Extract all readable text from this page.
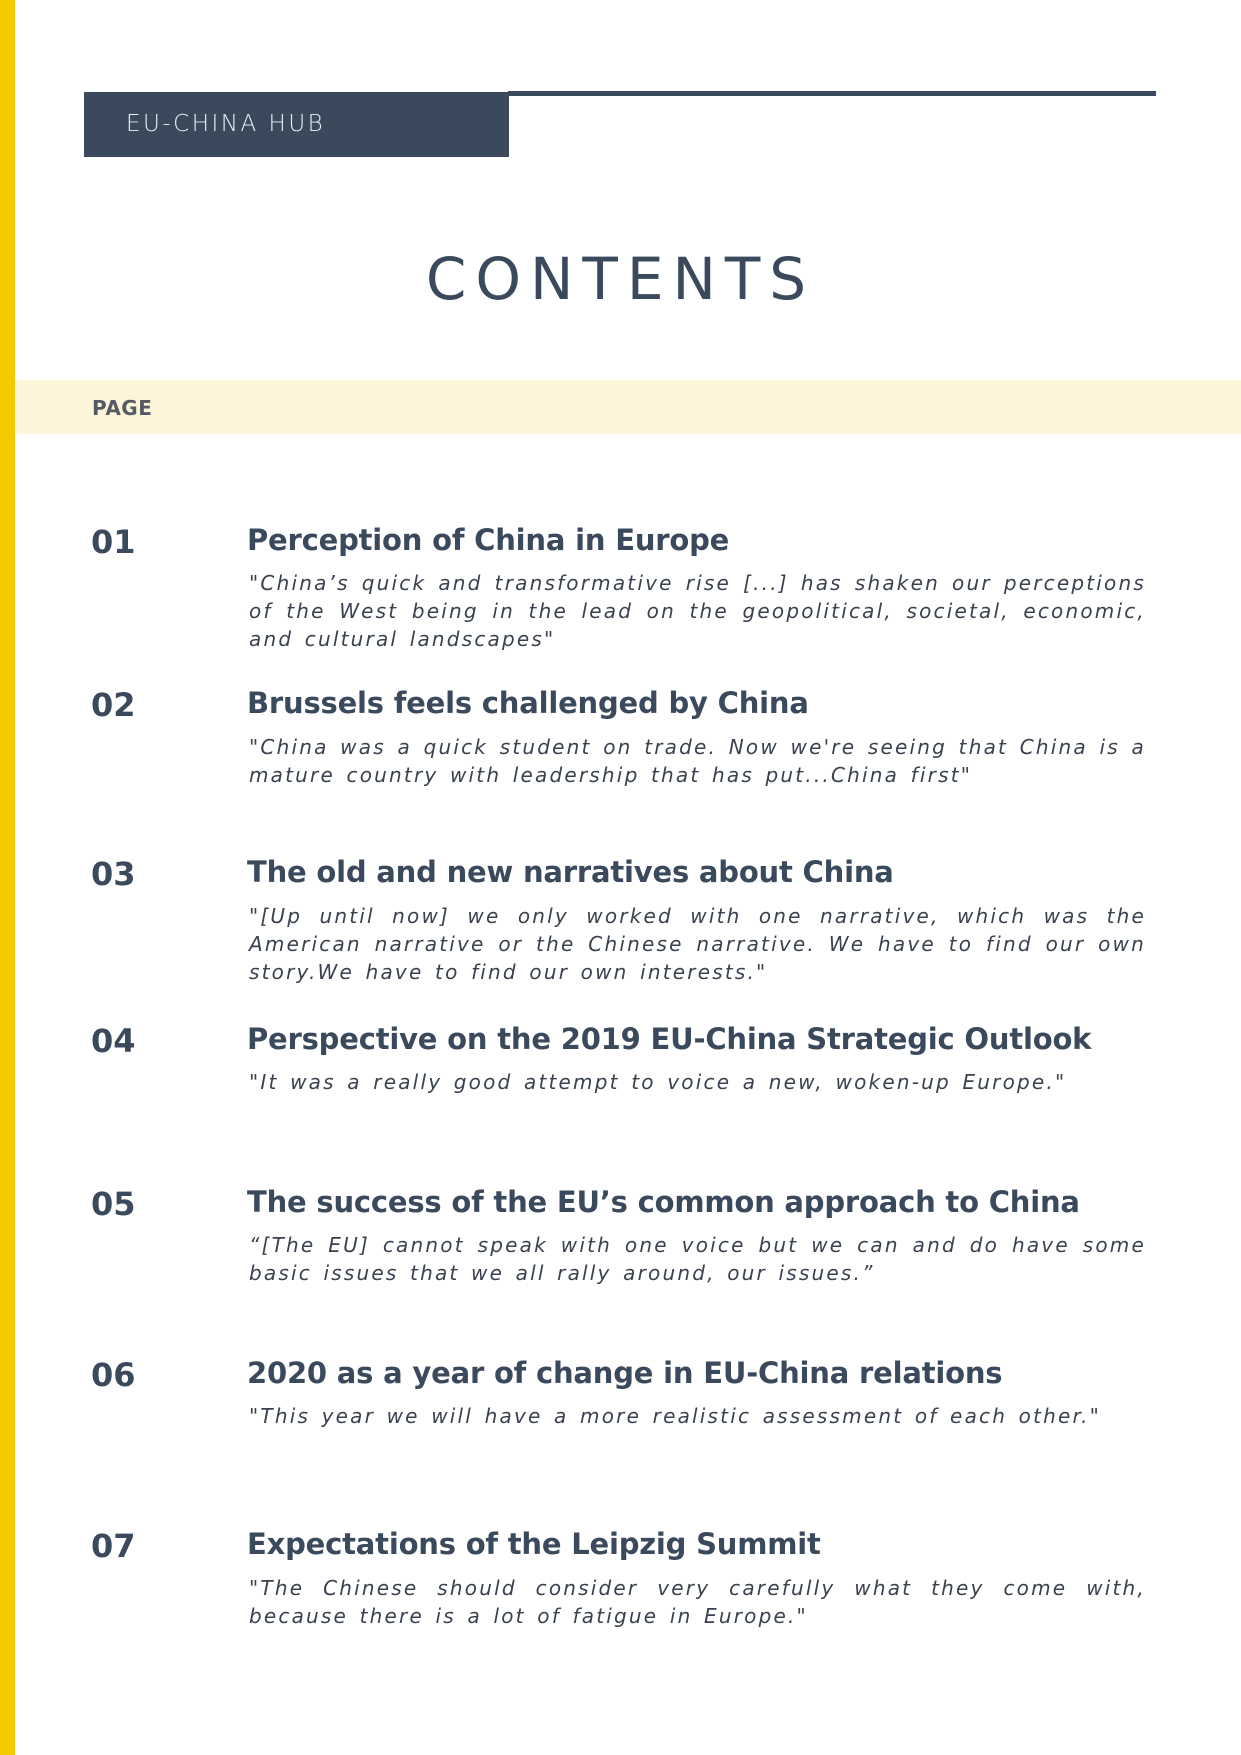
EU-CHINA HUB
CONTENTS
PAGE
01	Perception of China in Europe
"China’s quick and transformative rise [...] has shaken our perceptions of the West being in the lead on the geopolitical, societal, economic, and cultural landscapes"
02	Brussels feels challenged by China
"China was a quick student on trade. Now we're seeing that China is a mature country with leadership that has put...China first"
03	The old and new narratives about China
"[Up until now] we only worked with one narrative, which was the American narrative or the Chinese narrative. We have to find our own story.We have to find our own interests."
04	Perspective on the 2019 EU-China Strategic Outlook
"It was a really good attempt to voice a new, woken-up Europe."
05	The success of the EU’s common approach to China
“[The EU] cannot speak with one voice but we can and do have some basic issues that we all rally around, our issues.”
06	2020 as a year of change in EU-China relations
"This year we will have a more realistic assessment of each other."
07	Expectations of the Leipzig Summit
"The Chinese should consider very carefully what they come with, because there is a lot of fatigue in Europe."
